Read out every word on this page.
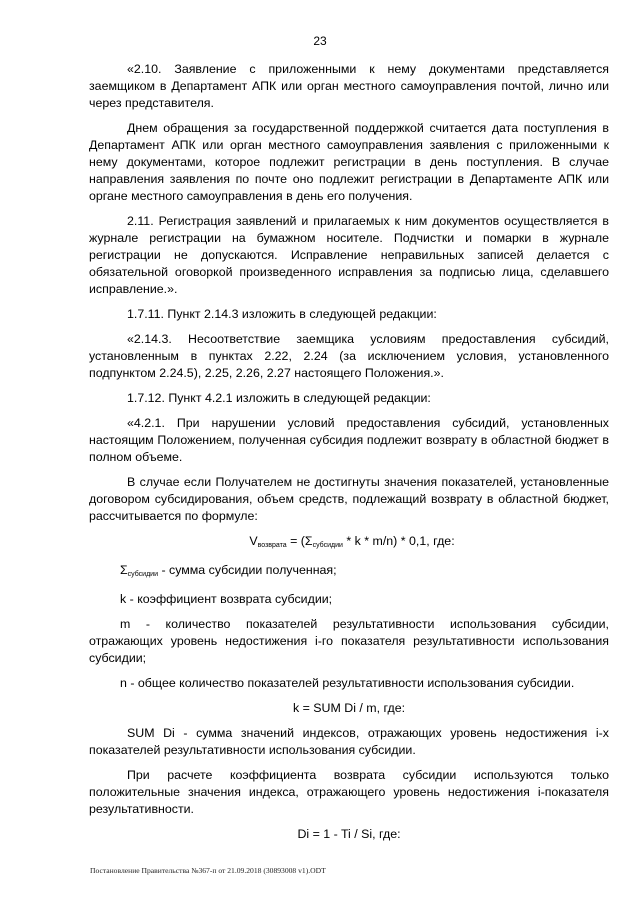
23

«2.10. Заявление с приложенными к нему документами представляется заемщиком в Департамент АПК или орган местного самоуправления почтой, лично или через представителя.

Днем обращения за государственной поддержкой считается дата поступления в Департамент АПК или орган местного самоуправления заявления с приложенными к нему документами, которое подлежит регистрации в день поступления. В случае направления заявления по почте оно подлежит регистрации в Департаменте АПК или органе местного самоуправления в день его получения.

2.11. Регистрация заявлений и прилагаемых к ним документов осуществляется в журнале регистрации на бумажном носителе. Подчистки и помарки в журнале регистрации не допускаются. Исправление неправильных записей делается с обязательной оговоркой произведенного исправления за подписью лица, сделавшего исправление.».

1.7.11. Пункт 2.14.3 изложить в следующей редакции:

«2.14.3. Несоответствие заемщика условиям предоставления субсидий, установленным в пунктах 2.22, 2.24 (за исключением условия, установленного подпунктом 2.24.5), 2.25, 2.26, 2.27 настоящего Положения.».

1.7.12. Пункт 4.2.1 изложить в следующей редакции:

«4.2.1. При нарушении условий предоставления субсидий, установленных настоящим Положением, полученная субсидия подлежит возврату в областной бюджет в полном объеме.

В случае если Получателем не достигнуты значения показателей, установленные договором субсидирования, объем средств, подлежащий возврату в областной бюджет, рассчитывается по формуле:

$V_{возврата} = (\Sigma_{субсидии} * k * m/n) * 0,1$, где:

$\Sigma_{субсидии}$ - сумма субсидии полученная;

k - коэффициент возврата субсидии;

m - количество показателей результативности использования субсидии, отражающих уровень недостижения i-го показателя результативности использования субсидии;

n - общее количество показателей результативности использования субсидии.

k = SUM Di / m, где:

SUM Di - сумма значений индексов, отражающих уровень недостижения i-х показателей результативности использования субсидии.

При расчете коэффициента возврата субсидии используются только положительные значения индекса, отражающего уровень недостижения i-показателя результативности.

Di = 1 - Ti / Si, где:

Постановление Правительства №367-п от 21.09.2018 (30893008 v1).ODT
